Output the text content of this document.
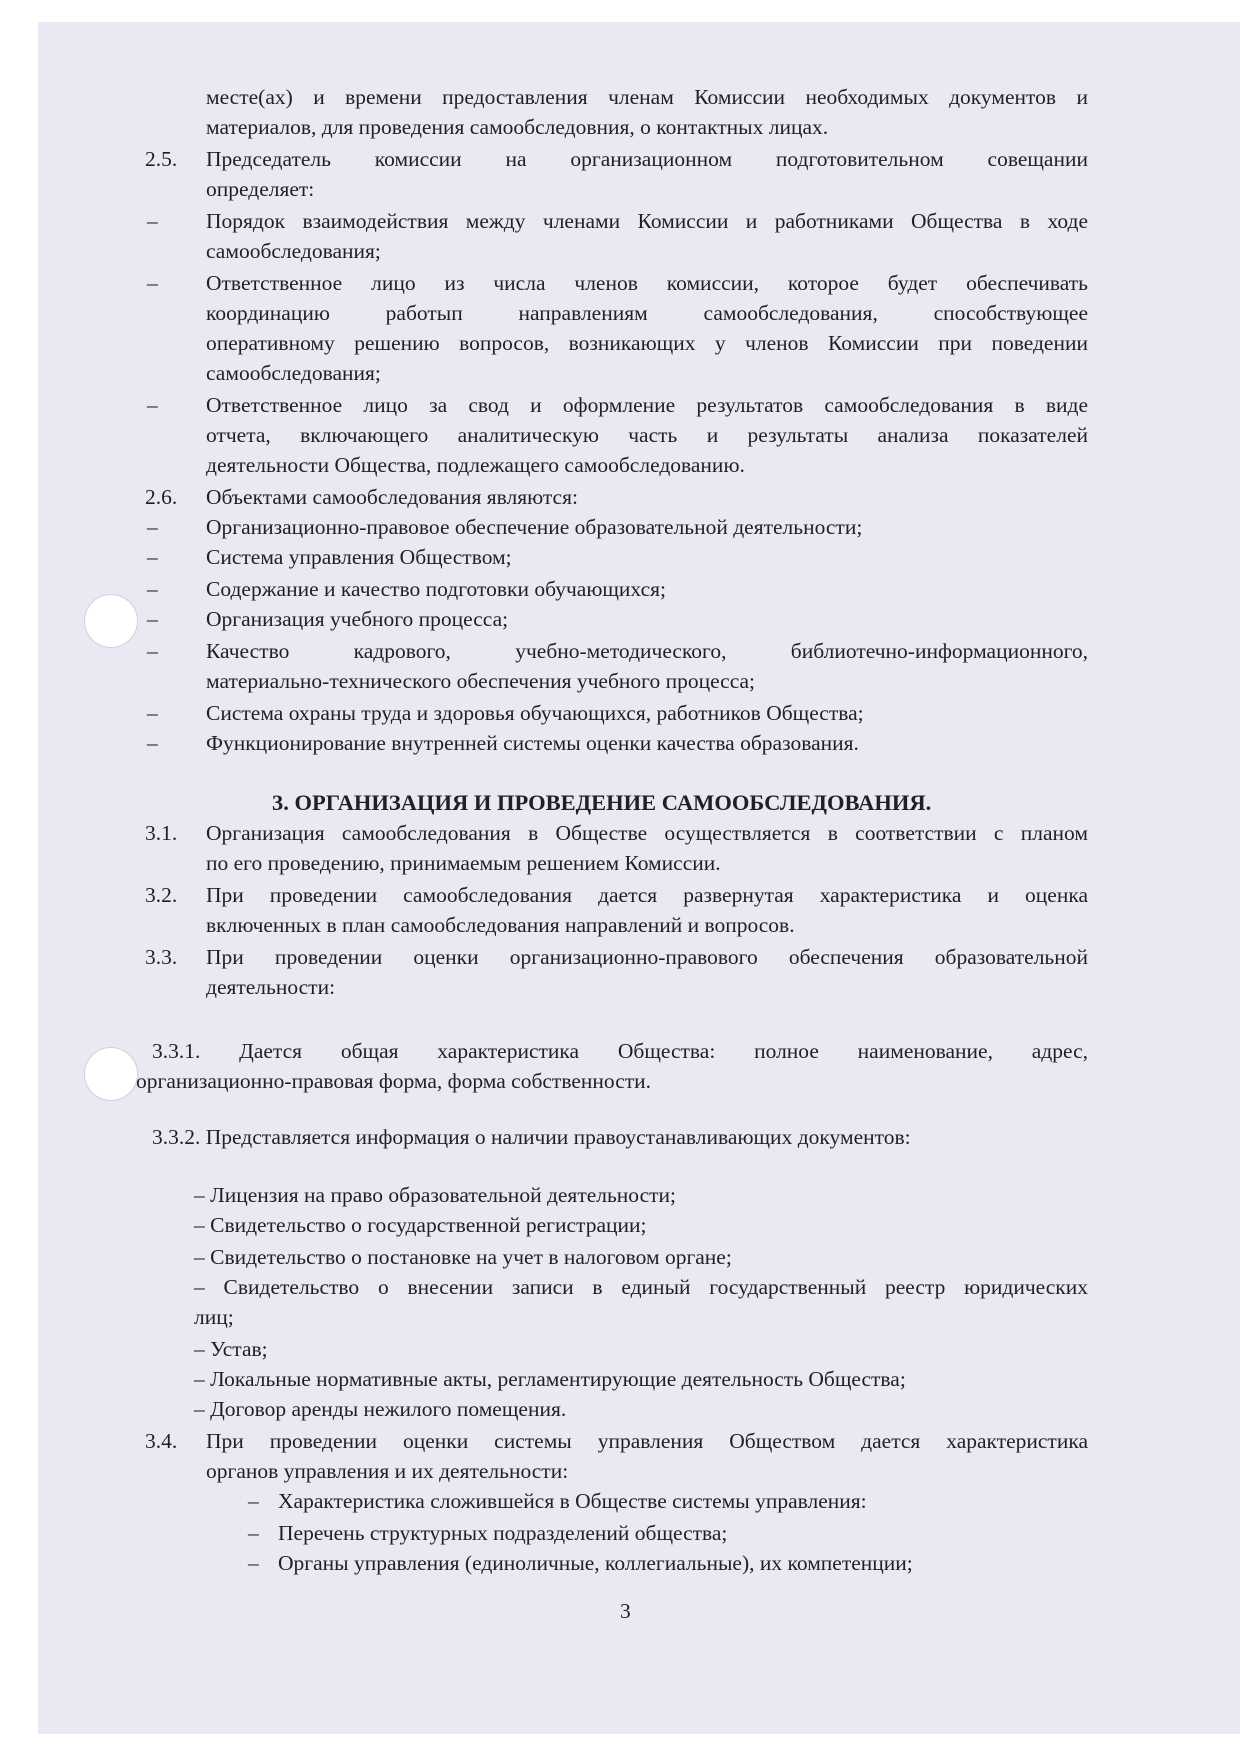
месте(ах) и времени предоставления членам Комиссии необходимых документов и
материалов, для проведения самообследовния, о контактных лицах.
2.5. Председатель комиссии на организационном подготовительном совещании
определяет:
– Порядок взаимодействия между членами Комиссии и работниками Общества в ходе
самообследования;
– Ответственное лицо из числа членов комиссии, которое будет обеспечивать
координацию работып направлениям самообследования, способствующее
оперативному решению вопросов, возникающих у членов Комиссии при поведении
самообследования;
– Ответственное лицо за свод и оформление результатов самообследования в виде
отчета, включающего аналитическую часть и результаты анализа показателей
деятельности Общества, подлежащего самообследованию.
2.6. Объектами самообследования являются:
– Организационно-правовое обеспечение образовательной деятельности;
– Система управления Обществом;
– Содержание и качество подготовки обучающихся;
– Организация учебного процесса;
– Качество кадрового, учебно-методического, библиотечно-информационного,
материально-технического обеспечения учебного процесса;
– Система охраны труда и здоровья обучающихся, работников Общества;
– Функционирование внутренней системы оценки качества образования.
3. ОРГАНИЗАЦИЯ И ПРОВЕДЕНИЕ САМООБСЛЕДОВАНИЯ.
3.1. Организация самообследования в Обществе осуществляется в соответствии с планом
по его проведению, принимаемым решением Комиссии.
3.2. При проведении самообследования дается развернутая характеристика и оценка
включенных в план самообследования направлений и вопросов.
3.3. При проведении оценки организационно-правового обеспечения образовательной
деятельности:
3.3.1. Дается общая характеристика Общества: полное наименование, адрес,
организационно-правовая форма, форма собственности.
3.3.2. Представляется информация о наличии правоустанавливающих документов:
– Лицензия на право образовательной деятельности;
– Свидетельство о государственной регистрации;
– Свидетельство о постановке на учет в налоговом органе;
– Свидетельство о внесении записи в единый государственный реестр юридических
лиц;
– Устав;
– Локальные нормативные акты, регламентирующие деятельность Общества;
– Договор аренды нежилого помещения.
3.4. При проведении оценки системы управления Обществом дается характеристика
органов управления и их деятельности:
– Характеристика сложившейся в Обществе системы управления:
– Перечень структурных подразделений общества;
– Органы управления (единоличные, коллегиальные), их компетенции;
3
